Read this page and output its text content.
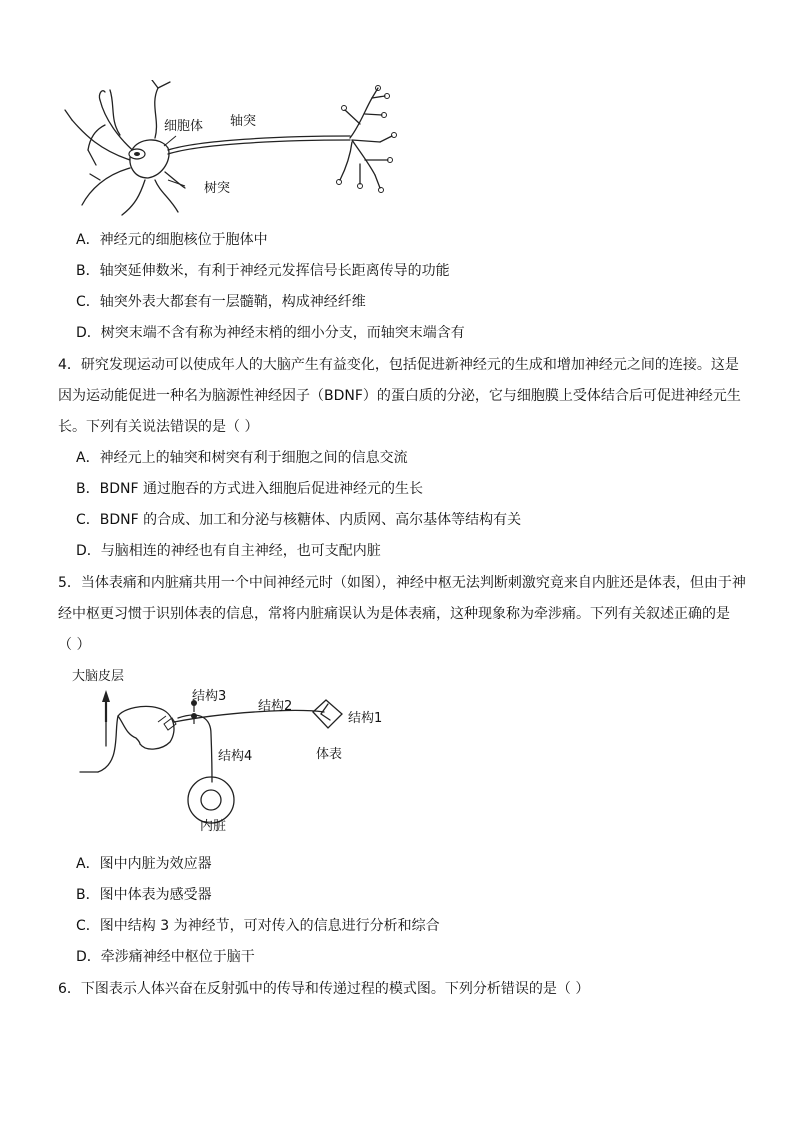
细胞体 轴突
树突
A．神经元的细胞核位于胞体中
B．轴突延伸数米，有利于神经元发挥信号长距离传导的功能
C．轴突外表大都套有一层髓鞘，构成神经纤维
D．树突末端不含有称为神经末梢的细小分支，而轴突末端含有
4．研究发现运动可以使成年人的大脑产生有益变化，包括促进新神经元的生成和增加神经元之间的连接。这是
因为运动能促进一种名为脑源性神经因子（BDNF）的蛋白质的分泌，它与细胞膜上受体结合后可促进神经元生
长。下列有关说法错误的是（ ）
A．神经元上的轴突和树突有利于细胞之间的信息交流
B．BDNF 通过胞吞的方式进入细胞后促进神经元的生长
C．BDNF 的合成、加工和分泌与核糖体、内质网、高尔基体等结构有关
D．与脑相连的神经也有自主神经，也可支配内脏
5．当体表痛和内脏痛共用一个中间神经元时（如图），神经中枢无法判断刺激究竟来自内脏还是体表，但由于神
经中枢更习惯于识别体表的信息，常将内脏痛误认为是体表痛，这种现象称为牵涉痛。下列有关叙述正确的是
（ ）
大脑皮层
结构3
结构2
结构1
结构4	体表
内脏
A．图中内脏为效应器
B．图中体表为感受器
C．图中结构 3 为神经节，可对传入的信息进行分析和综合
D．牵涉痛神经中枢位于脑干
6．下图表示人体兴奋在反射弧中的传导和传递过程的模式图。下列分析错误的是（ ）
